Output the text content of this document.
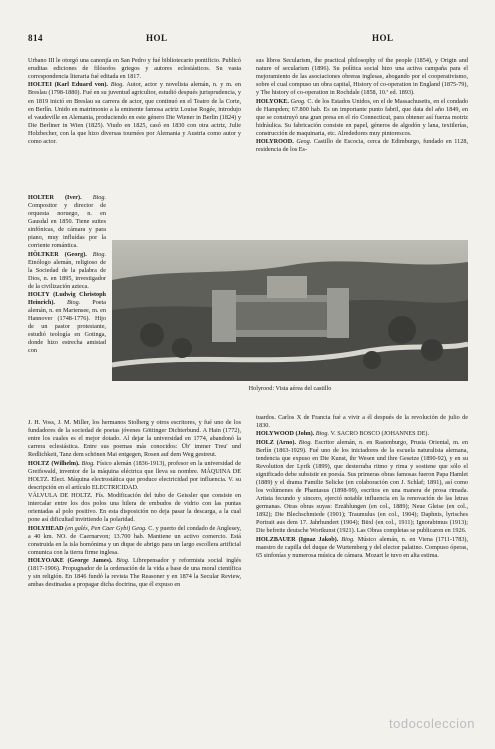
814	HOL	HOL

Urbano III le otorgó una canonjía en San Pedro y fué bibliotecario pontificio. Publicó eruditas ediciones de filósofos griegos y autores eclesiásticos. Su vasta correspondencia literaria fué editada en 1817.

HOLTEI (Karl Eduard von). Biog. Autor, actor y novelista alemán, n. y m. en Breslau (1798-1880). Fué en su juventud agricultor, estudió después jurisprudencia, y en 1819 inició en Breslau su carrera de actor, que continuó en el Teatro de la Corte, en Berlín. Unido en matrimonio a la eminente famosa actriz Louise Rogée, introdujo el vaudeville en Alemania, produciendo en este género Die Wiener in Berlin (1824) y Die Berliner in Wien (1825). Viudo en 1825, casó en 1830 con otra actriz, Julie Holzbecher, con la que hizo diversas tournées por Alemania y Austria como autor y como actor.

HOLTER (Iver). Biog. Compositor y director de orquesta noruego, n. en Gausdal en 1850. Tiene suites sinfónicas, de cámara y para piano, muy influídas por la corriente romántica.

HÖLTKER (Georg). Biog. Etnólogo alemán, religioso de la Sociedad de la palabra de Dios, n. en 1895, investigador de la civilización azteca.

HOLTY (Ludwig Christoph Heinrich). Biog. Poeta alemán, n. en Mariensee, m. en Hannover (1748-1776). Hijo de un pastor protestante, estudió teología en Gotinga, donde hizo estrecha amistad con

J. H. Voss, J. M. Miller, los hermanos Stolberg y otros escritores, y fué uno de los fundadores de la sociedad de poetas jóvenes Göttinger Dichterbund. A Hain (1772), entre los cuales es el mejor dotado. Al dejar la universidad en 1774, abandonó la carrera eclesiástica. Entre sus poemas más conocidos: Üb' immer Treu' und Redlichkeit, Tanz dem schönen Mai entgegen, Rosen auf dem Weg gestreut.

HOLTZ (Wilhelm). Biog. Físico alemán (1836-1913), profesor en la universidad de Greifswald, inventor de la máquina eléctrica que lleva su nombre. MÁQUINA DE HOLTZ. Elect. Máquina electrostática que produce electricidad por influencia. V. su descripción en el artículo ELECTRICIDAD.

VÁLVULA DE HOLTZ. Fís. Modificación del tubo de Geissler que consiste en intercalar entre los dos polos una hilera de embudos de vidrio con las puntas orientadas al polo positivo. En esta disposición no deja pasar la descarga, a la cual pone así dificultad invirtiendo la polaridad.

HOLYHEAD (en galés, Pen Caer Gybi) Geog. C. y puerto del condado de Anglesey, a 40 km. NO. de Caernarvon; 13.700 hab. Mantiene un activo comercio. Está construida en la isla homónima y un dique de abrigo para un largo escollera artificial comunica con la tierra firme inglesa.

HOLYOAKE (George James). Biog. Librepensador y reformista social inglés (1817-1906). Propugnador de la ordenación de la vida a base de una moral científica y sin religión. En 1846 fundó la revista The Reasoner y en 1874 la Secular Review, ambas destinadas a propagar dicha doctrina, que él expuso en

sus libros Secularism, the practical philosophy of the people (1854), y Origin and nature of secularism (1896). Su política social hizo una activa campaña para el mejoramiento de las asociaciones obreras inglesas, abogando por el cooperativismo, sobre el cual compuso un obra capital, History of co-operation in England (1875-79), y The history of co-operation in Rochdale (1858, 10.ª ed. 1893).

HOLYOKE. Geog. C. de los Estados Unidos, en el de Massachusetts, en el condado de Hampden; 67.800 hab. Es un importante punto fabril, que data del año 1849, en que se construyó una gran presa en el río Connecticut, para obtener así fuerza motriz hidráulica. Su fabricación consiste en papel, géneros de algodón y lana, textilerías, construcción de maquinaria, etc. Alrededores muy pintorescos.

HOLYROOD. Geog. Castillo de Escocia, cerca de Edimburgo, fundado en 1128, residencia de los Es-

Holyrood: Vista aérea del castillo

tuardos. Carlos X de Francia fué a vivir a él después de la revolución de julio de 1830.

HOLYWOOD (John). Biog. V. SACRO BOSCO (JOHANNES DE).

HOLZ (Arno). Biog. Escritor alemán, n. en Rastenburgo, Prusia Oriental, m. en Berlín (1863-1929). Fué uno de los iniciadores de la escuela naturalista alemana, tendencia que expuso en Die Kunst, ihr Wesen und ihre Gesetze (1890-92), y en su Revolution der Lyrik (1899), que desterraba ritmo y rima y sostiene que sólo el significado debe subsistir en poesía. Sus primeras obras famosas fueron Papa Hamlet (1889) y el drama Familie Selicke (en colaboración con J. Schlaf; 1891), así como los volúmenes de Phantasus (1898-99), escritos en una manera de prosa rimada. Artista fecundo y sincero, ejerció notable influencia en la renovación de las letras germanas. Otras obras suyas: Erzählungen (en col., 1889); Neue Gleise (en col., 1892); Die Blechschmiede (1901); Traumulus (en col., 1904); Daphnis, lyrisches Portrait aus dem 17. Jahrhundert (1904); Büxl (en col., 1911); Ignorabimus (1913); Die befreite deutsche Wortkunst (1921). Las Obras completas se publicaron en 1926.

HOLZBAUER (Ignaz Jakob). Biog. Músico alemán, n. en Viena (1711-1783), maestro de capilla del duque de Wurtemberg y del elector palatino. Compuso óperas, 65 sinfonías y numerosa música de cámara. Mozart le tuvo en alta estima.

todocoleccion
